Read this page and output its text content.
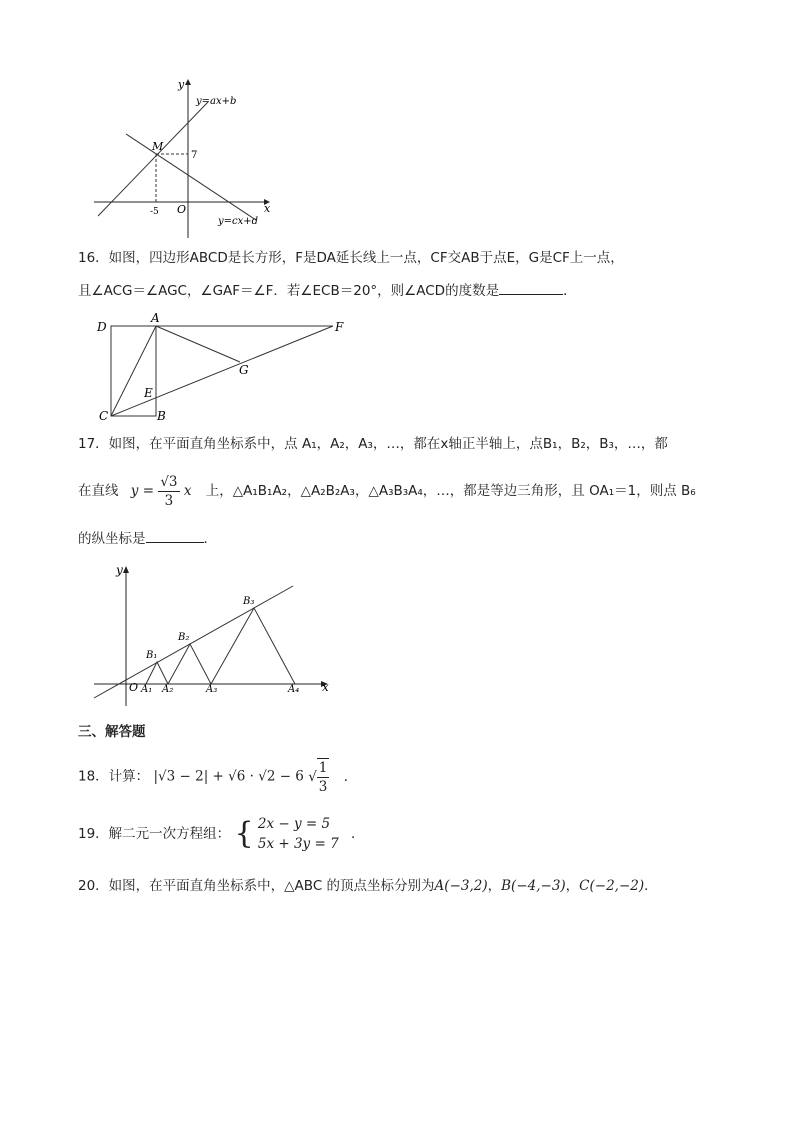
y
y=ax+b
M
7
-5 O	x
y=cx+d
16．如图，四边形ABCD是长方形，F是DA延长线上一点，CF交AB于点E，G是CF上一点，
且∠ACG＝∠AGC，∠GAF＝∠F．若∠ECB＝20°，则∠ACD的度数是	．
D
A
F
G
E
C	B
17．如图，在平面直角坐标系中，点 A₁，A₂，A₃，…，都在x轴正半轴上，点B₁，B₂，B₃，…，都
在直线 $y = \frac{√3}{3}$ x 上，△A₁B₁A₂，△A₂B₂A₃，△A₃B₃A₄，…，都是等边三角形，且 OA₁＝1，则点 B₆
的纵坐标是	．
y
x
O A₁ A₂	A₃	A₄
B₁
B₂
B₃
三、解答题
18．计算： |√3 − 2| + √6 · √2 − 6 √ $\frac{1}{3}$ ．
19．解二元一次方程组： { 2x − y = 5
5x + 3y = 7
．
20．如图，在平面直角坐标系中，△ABC 的顶点坐标分别为A(−3,2)，B(−4,−3)，C(−2,−2)．
